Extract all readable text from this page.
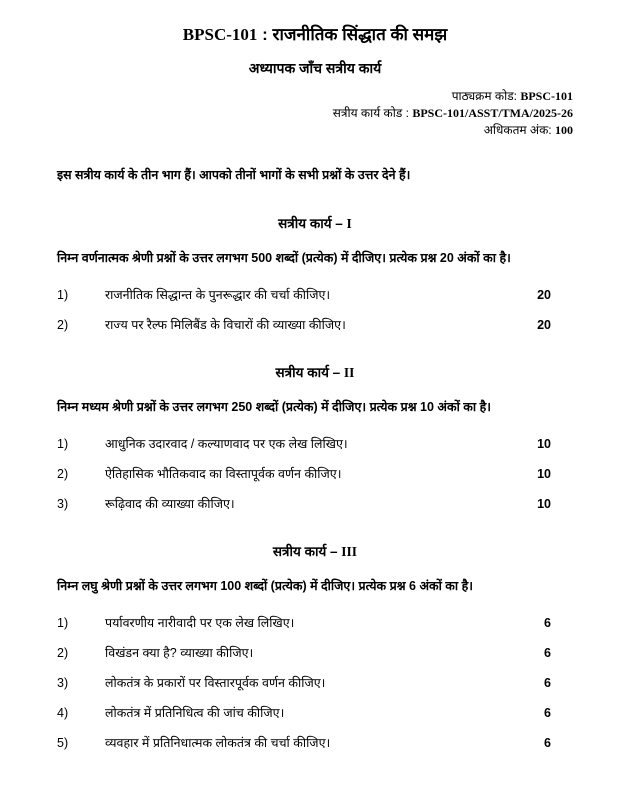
BPSC-101 : राजनीतिक सिंद्धात की समझ
अध्यापक जाँच सत्रीय कार्य
पाठ्यक्रम कोड: BPSC-101
सत्रीय कार्य कोड : BPSC-101/ASST/TMA/2025-26
अधिकतम अंक: 100
इस सत्रीय कार्य के तीन भाग हैं। आपको तीनों भागों के सभी प्रश्नों के उत्तर देने हैं।
सत्रीय कार्य – I
निम्न वर्णनात्मक श्रेणी प्रश्नों के उत्तर लगभग 500 शब्दों (प्रत्येक) में दीजिए। प्रत्येक प्रश्न 20 अंकों का है।
1)	राजनीतिक सिद्धान्त के पुनरूद्धार की चर्चा कीजिए।	20
2)	राज्य पर रैल्फ मिलिबैंड के विचारों की व्याख्या कीजिए।	20
सत्रीय कार्य – II
निम्न मध्यम श्रेणी प्रश्नों के उत्तर लगभग 250 शब्दों (प्रत्येक) में दीजिए। प्रत्येक प्रश्न 10 अंकों का है।
1)	आधुनिक उदारवाद / कल्याणवाद पर एक लेख लिखिए।	10
2)	ऐतिहासिक भौतिकवाद का विस्तापूर्वक वर्णन कीजिए।	10
3)	रूढ़िवाद की व्याख्या कीजिए।	10
सत्रीय कार्य – III
निम्न लघु श्रेणी प्रश्नों के उत्तर लगभग 100 शब्दों (प्रत्येक) में दीजिए। प्रत्येक प्रश्न 6 अंकों का है।
1)	पर्यावरणीय नारीवादी पर एक लेख लिखिए।	6
2)	विखंडन क्या है? व्याख्या कीजिए।	6
3)	लोकतंत्र के प्रकारों पर विस्तारपूर्वक वर्णन कीजिए।	6
4)	लोकतंत्र में प्रतिनिधित्व की जांच कीजिए।	6
5)	व्यवहार में प्रतिनिधात्मक लोकतंत्र की चर्चा कीजिए।	6
